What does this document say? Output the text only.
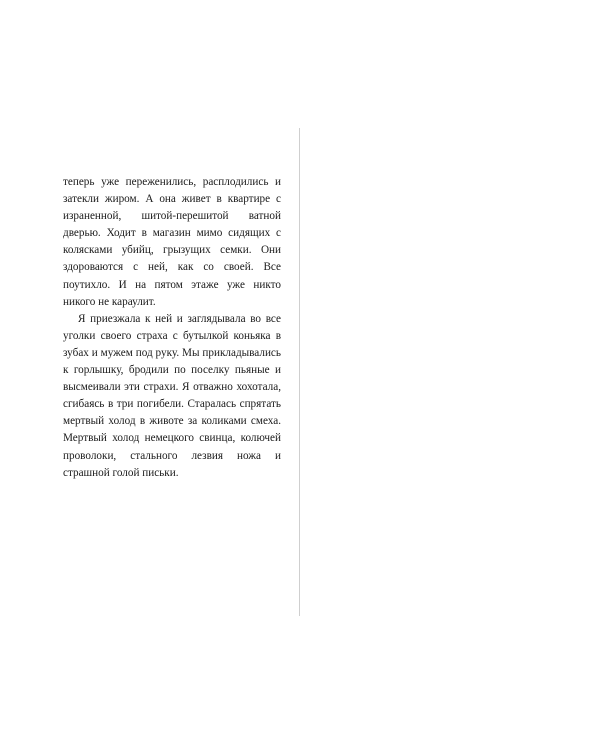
теперь уже переженились, расплодились и затекли жиром. А она живет в квартире с израненной, шитой-перешитой ватной дверью. Ходит в магазин мимо сидящих с колясками убийц, грызущих семки. Они здороваются с ней, как со своей. Все поутихло. И на пятом этаже уже никто никого не караулит.

Я приезжала к ней и заглядывала во все уголки своего страха с бутылкой коньяка в зубах и мужем под руку. Мы прикладывались к горлышку, бродили по поселку пьяные и высмеивали эти страхи. Я отважно хохотала, сгибаясь в три погибели. Старалась спрятать мертвый холод в животе за коликами смеха. Мертвый холод немецкого свинца, колючей проволоки, стального лезвия ножа и страшной голой письки.
